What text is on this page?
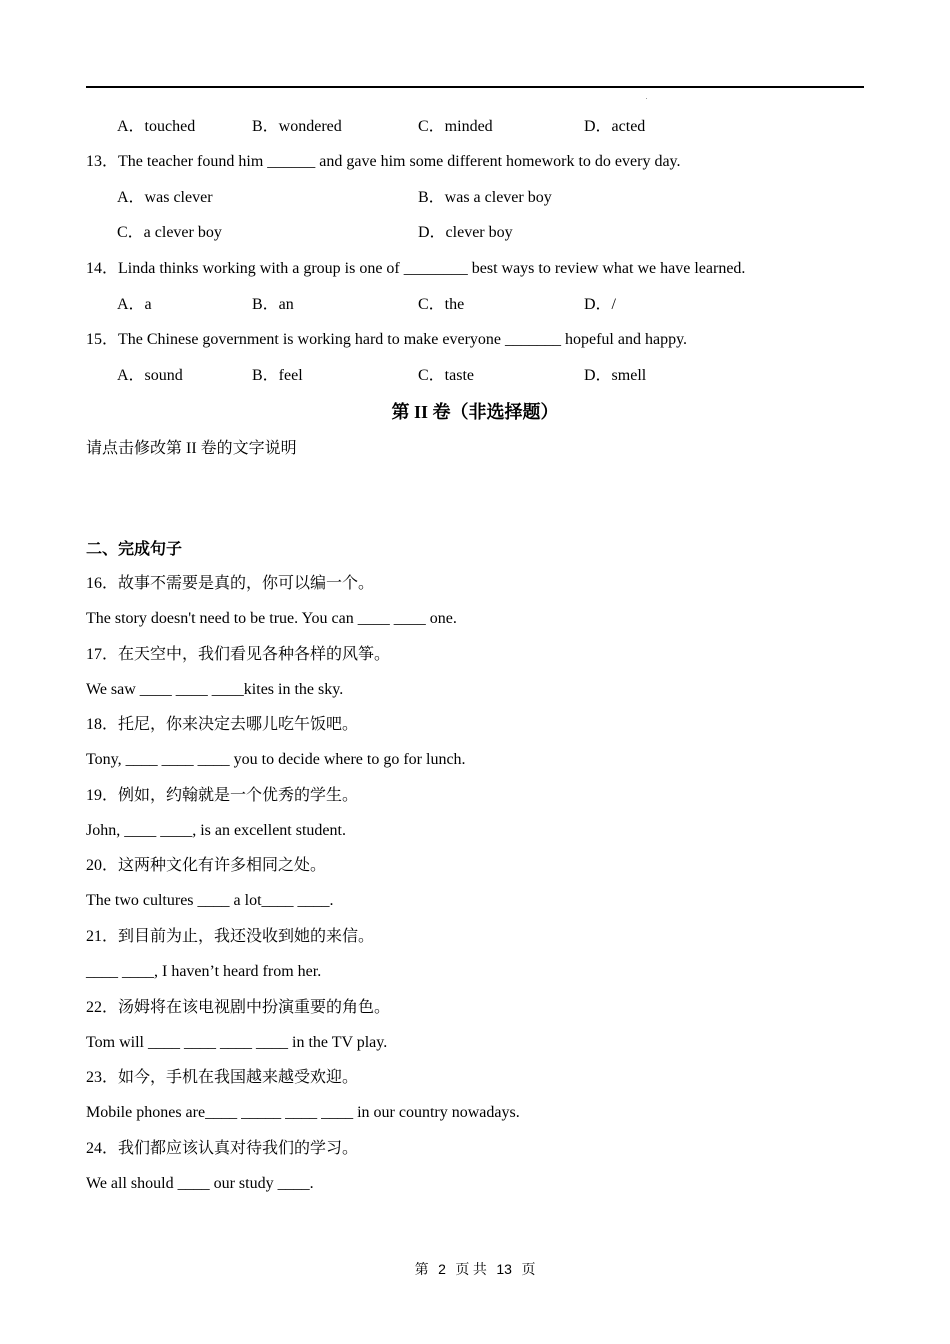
A．touched	B．wondered	C．minded	D．acted
13．The teacher found him ______ and gave him some different homework to do every day.
A．was clever	B．was a clever boy
C．a clever boy	D．clever boy
14．Linda thinks working with a group is one of ________ best ways to review what we have learned.
A．a	B．an	C．the	D．/
15．The Chinese government is working hard to make everyone _______ hopeful and happy.
A．sound	B．feel	C．taste	D．smell
第 II 卷（非选择题）
请点击修改第 II 卷的文字说明
二、完成句子
16．故事不需要是真的，你可以编一个。
The story doesn't need to be true. You can ____ ____ one.
17．在天空中，我们看见各种各样的风筝。
We saw ____ ____ ____kites in the sky.
18．托尼，你来决定去哪儿吃午饭吧。
Tony, ____ ____ ____ you to decide where to go for lunch.
19．例如，约翰就是一个优秀的学生。
John, ____ ____, is an excellent student.
20．这两种文化有许多相同之处。
The two cultures ____ a lot____ ____.
21．到目前为止，我还没收到她的来信。
____ ____, I haven’t heard from her.
22．汤姆将在该电视剧中扮演重要的角色。
Tom will ____ ____ ____ ____ in the TV play.
23．如今，手机在我国越来越受欢迎。
Mobile phones are____ _____ ____ ____ in our country nowadays.
24．我们都应该认真对待我们的学习。
We all should ____ our study ____.
第 2 页 共 13 页
